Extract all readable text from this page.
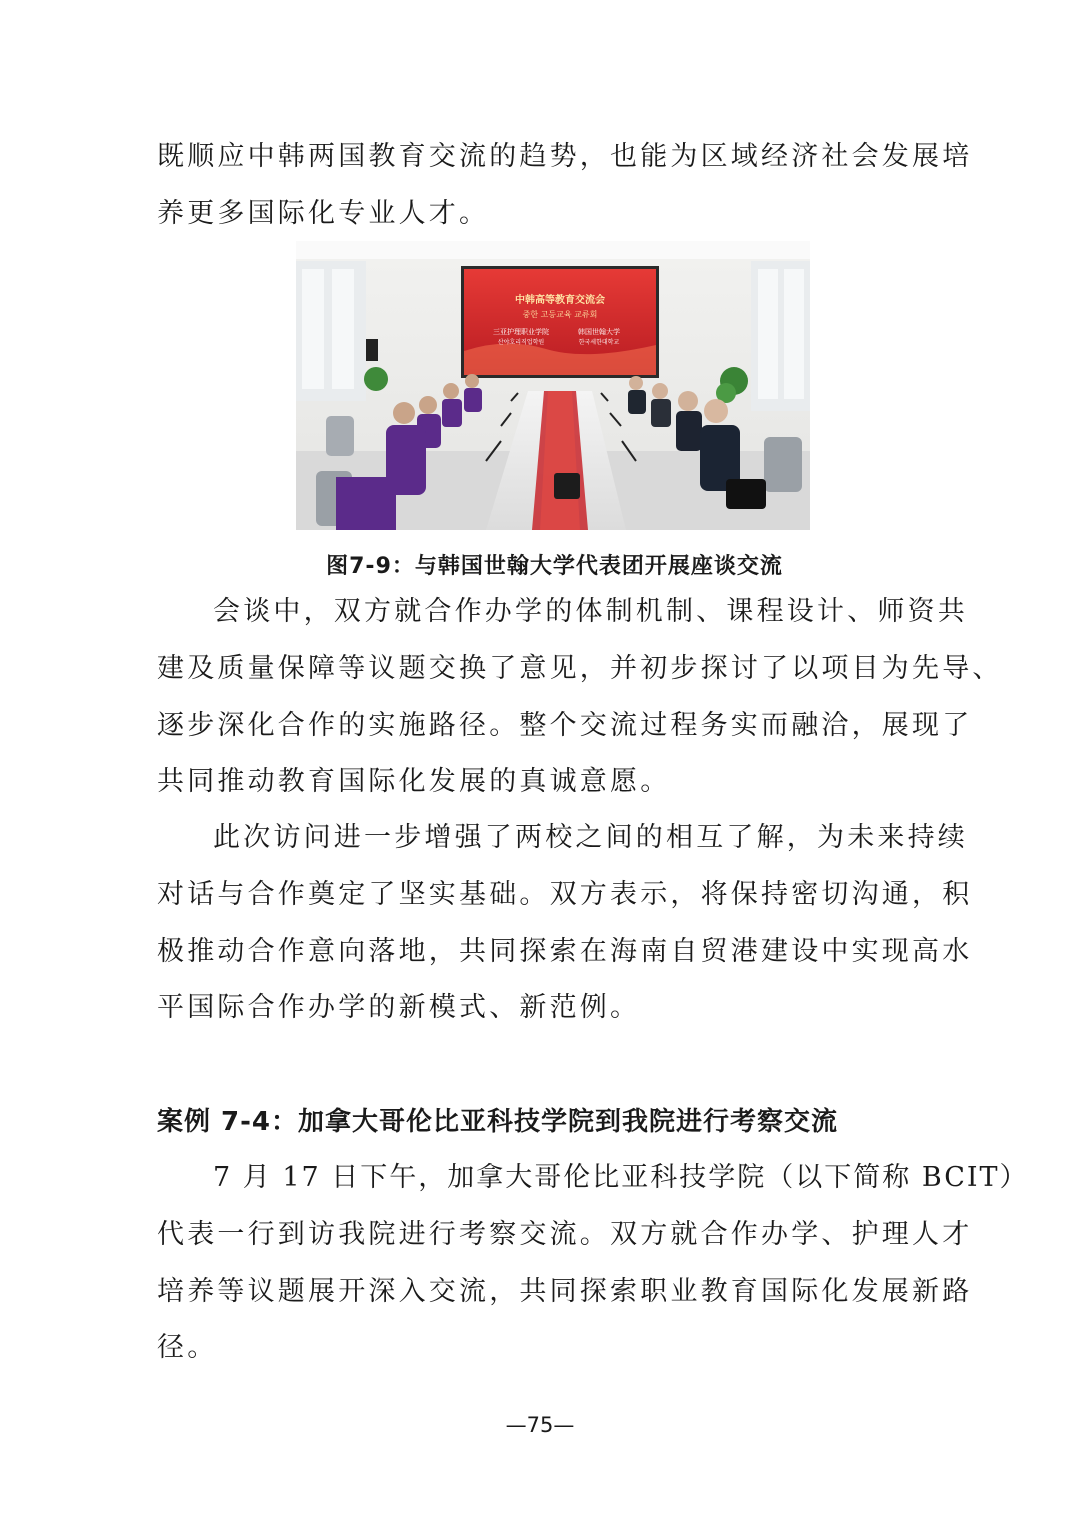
既顺应中韩两国教育交流的趋势，也能为区域经济社会发展培
养更多国际化专业人才。
中韩高等教育交流会
중한 고등교육 교류회
三亚护理职业学院
산야호리직업학원
韩国世翰大学
한국세한대학교
图7-9：与韩国世翰大学代表团开展座谈交流
会谈中，双方就合作办学的体制机制、课程设计、师资共
建及质量保障等议题交换了意见，并初步探讨了以项目为先导、
逐步深化合作的实施路径。整个交流过程务实而融洽，展现了
共同推动教育国际化发展的真诚意愿。
此次访问进一步增强了两校之间的相互了解，为未来持续
对话与合作奠定了坚实基础。双方表示，将保持密切沟通，积
极推动合作意向落地，共同探索在海南自贸港建设中实现高水
平国际合作办学的新模式、新范例。
案例 7-4：加拿大哥伦比亚科技学院到我院进行考察交流
7 月 17 日下午，加拿大哥伦比亚科技学院（以下简称 BCIT）
代表一行到访我院进行考察交流。双方就合作办学、护理人才
培养等议题展开深入交流，共同探索职业教育国际化发展新路
径。
—75—
